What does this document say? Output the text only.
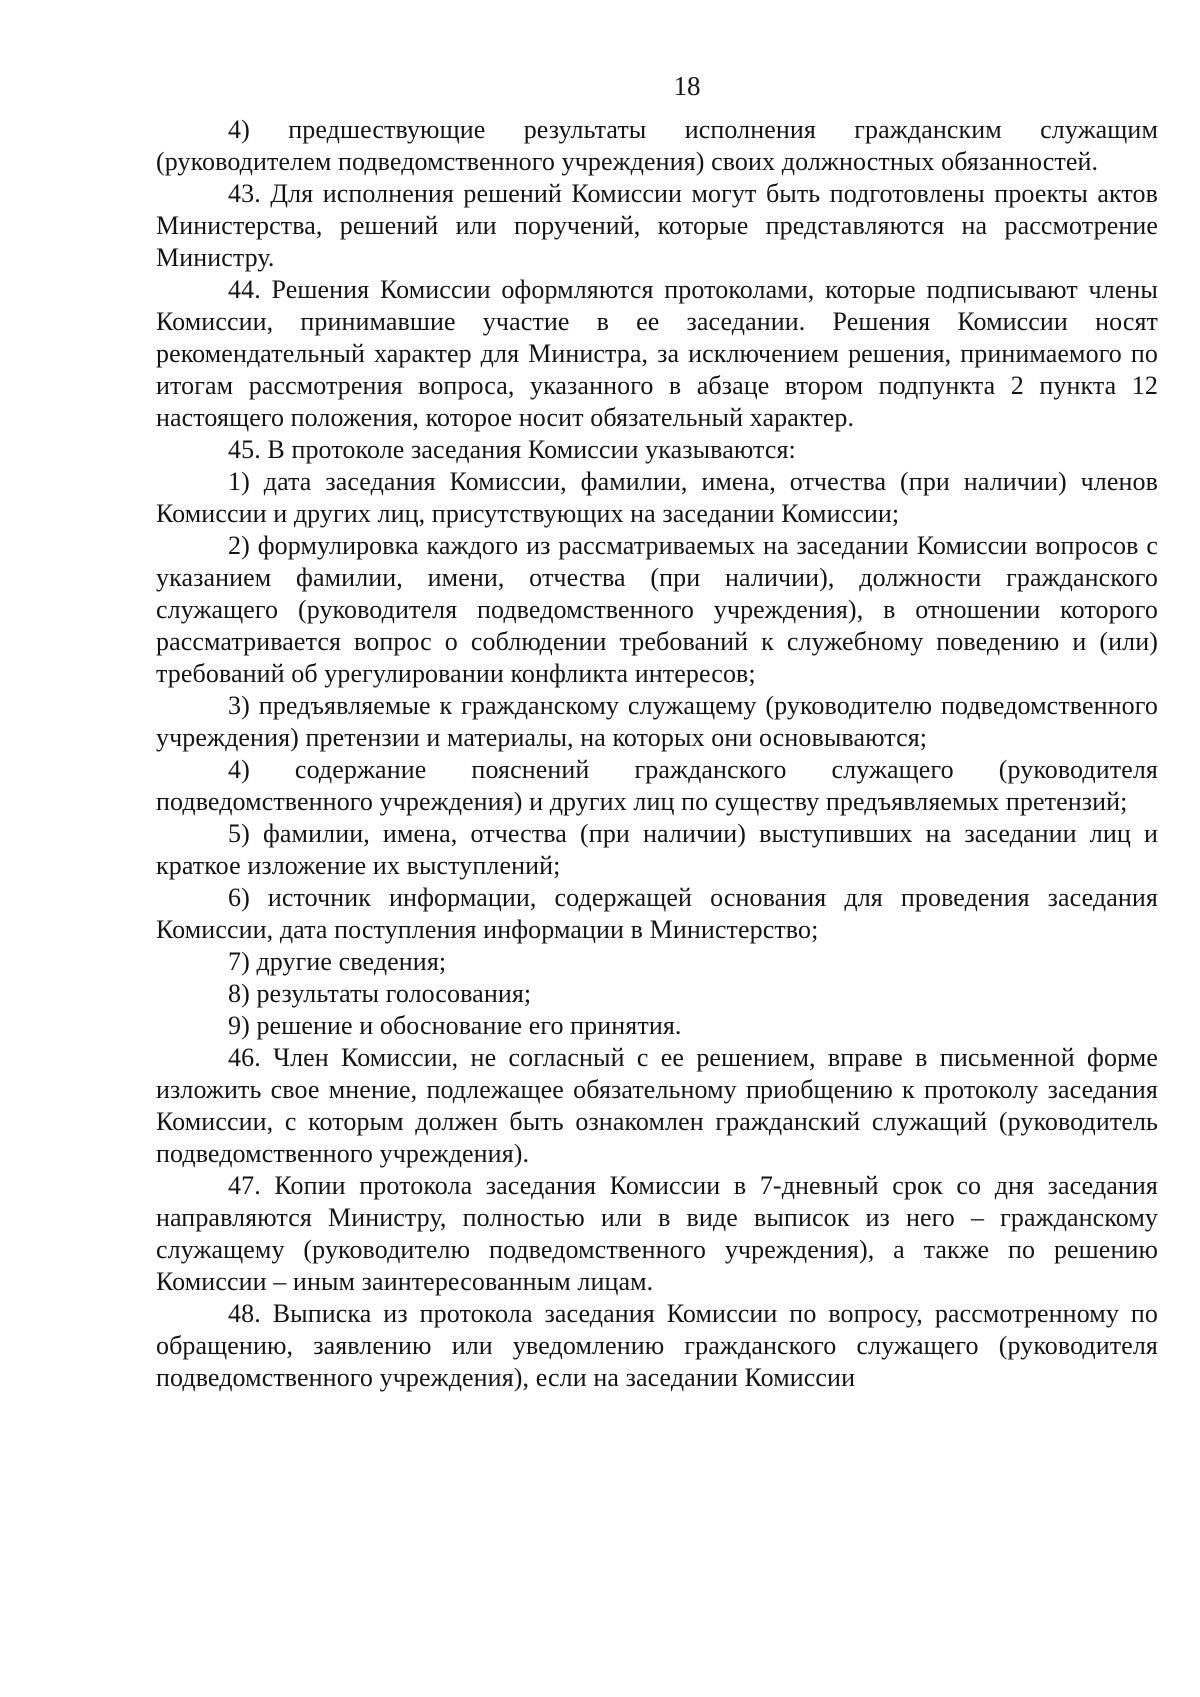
18

4) предшествующие результаты исполнения гражданским служащим (руководителем подведомственного учреждения) своих должностных обязанностей.

43. Для исполнения решений Комиссии могут быть подготовлены проекты актов Министерства, решений или поручений, которые представляются на рассмотрение Министру.

44. Решения Комиссии оформляются протоколами, которые подписывают члены Комиссии, принимавшие участие в ее заседании. Решения Комиссии носят рекомендательный характер для Министра, за исключением решения, принимаемого по итогам рассмотрения вопроса, указанного в абзаце втором подпункта 2 пункта 12 настоящего положения, которое носит обязательный характер.

45. В протоколе заседания Комиссии указываются:

1) дата заседания Комиссии, фамилии, имена, отчества (при наличии) членов Комиссии и других лиц, присутствующих на заседании Комиссии;

2) формулировка каждого из рассматриваемых на заседании Комиссии вопросов с указанием фамилии, имени, отчества (при наличии), должности гражданского служащего (руководителя подведомственного учреждения), в отношении которого рассматривается вопрос о соблюдении требований к служебному поведению и (или) требований об урегулировании конфликта интересов;

3) предъявляемые к гражданскому служащему (руководителю подведомственного учреждения) претензии и материалы, на которых они основываются;

4) содержание пояснений гражданского служащего (руководителя подведомственного учреждения) и других лиц по существу предъявляемых претензий;

5) фамилии, имена, отчества (при наличии) выступивших на заседании лиц и краткое изложение их выступлений;

6) источник информации, содержащей основания для проведения заседания Комиссии, дата поступления информации в Министерство;

7) другие сведения;

8) результаты голосования;

9) решение и обоснование его принятия.

46. Член Комиссии, не согласный с ее решением, вправе в письменной форме изложить свое мнение, подлежащее обязательному приобщению к протоколу заседания Комиссии, с которым должен быть ознакомлен гражданский служащий (руководитель подведомственного учреждения).

47. Копии протокола заседания Комиссии в 7-дневный срок со дня заседания направляются Министру, полностью или в виде выписок из него – гражданскому служащему (руководителю подведомственного учреждения), а также по решению Комиссии – иным заинтересованным лицам.

48. Выписка из протокола заседания Комиссии по вопросу, рассмотренному по обращению, заявлению или уведомлению гражданского служащего (руководителя подведомственного учреждения), если на заседании Комиссии
